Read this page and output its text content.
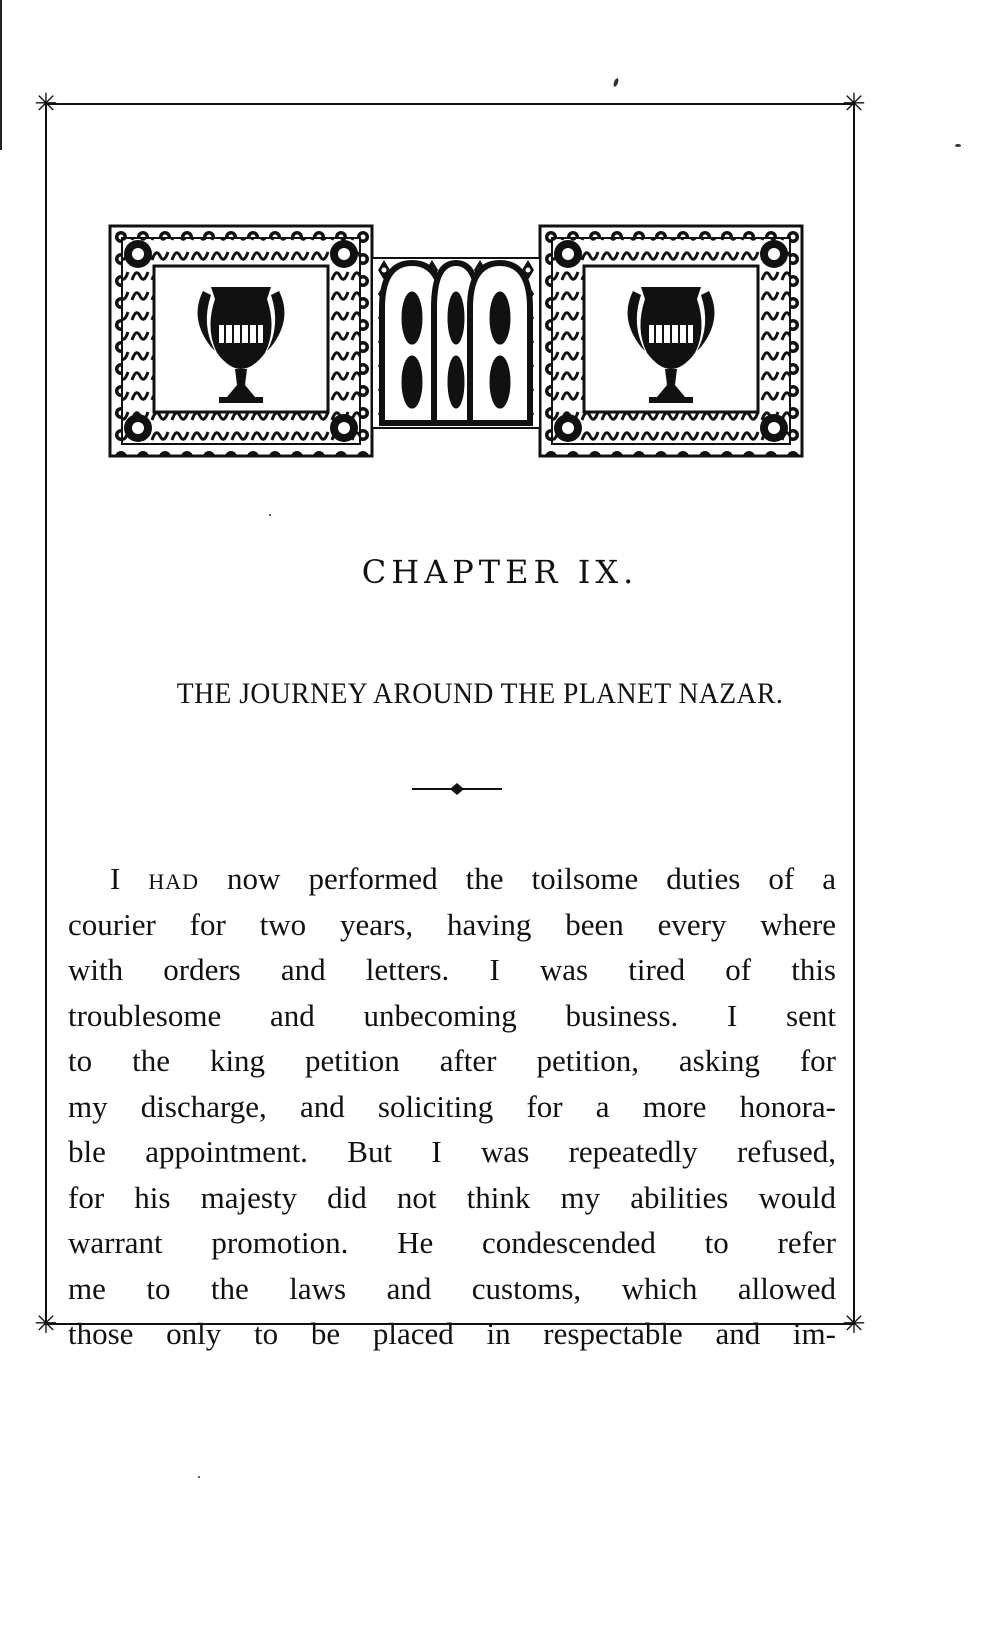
✳	✳
✳	✳
CHAPTER IX.
THE JOURNEY AROUND THE PLANET NAZAR.
I had now performed the toilsome duties of a
courier for two years, having been every where
with orders and letters. I was tired of this
troublesome and unbecoming business. I sent
to the king petition after petition, asking for
my discharge, and soliciting for a more honora-
ble appointment. But I was repeatedly refused,
for his majesty did not think my abilities would
warrant promotion. He condescended to refer
me to the laws and customs, which allowed
those only to be placed in respectable and im-
